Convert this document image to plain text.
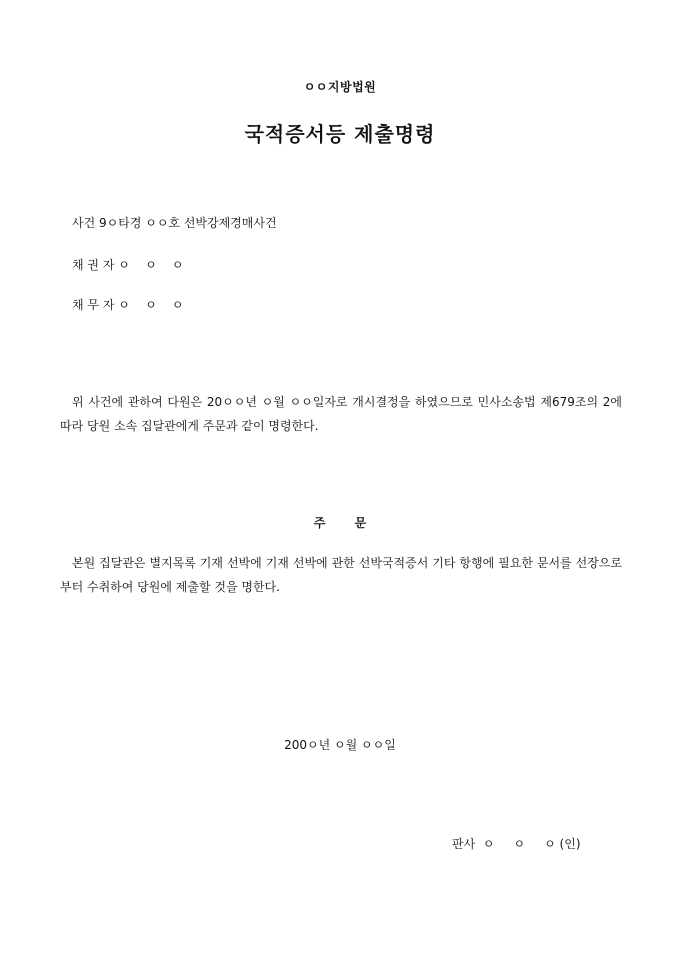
ㅇㅇ지방법원
국적증서등 제출명령
사건 9ㅇ타경 ㅇㅇ호 선박강제경매사건
채 권 자 ㅇ    ㅇ    ㅇ
채 무 자 ㅇ    ㅇ    ㅇ
위 사건에 관하여 다원은 20ㅇㅇ년 ㅇ월 ㅇㅇ일자로 개시결정을 하였으므로 민사소송법 제679조의 2에 따라 당원 소속 집달관에게 주문과 같이 명령한다.
주       문
본원 집달관은 별지목록 기재 선박에 기재 선박에 관한 선박국적증서 기타 항행에 필요한 문서를 선장으로부터 수취하여 당원에 제출할 것을 명한다.
200ㅇ년 ㅇ월 ㅇㅇ일
판사  ㅇ     ㅇ     ㅇ (인)
